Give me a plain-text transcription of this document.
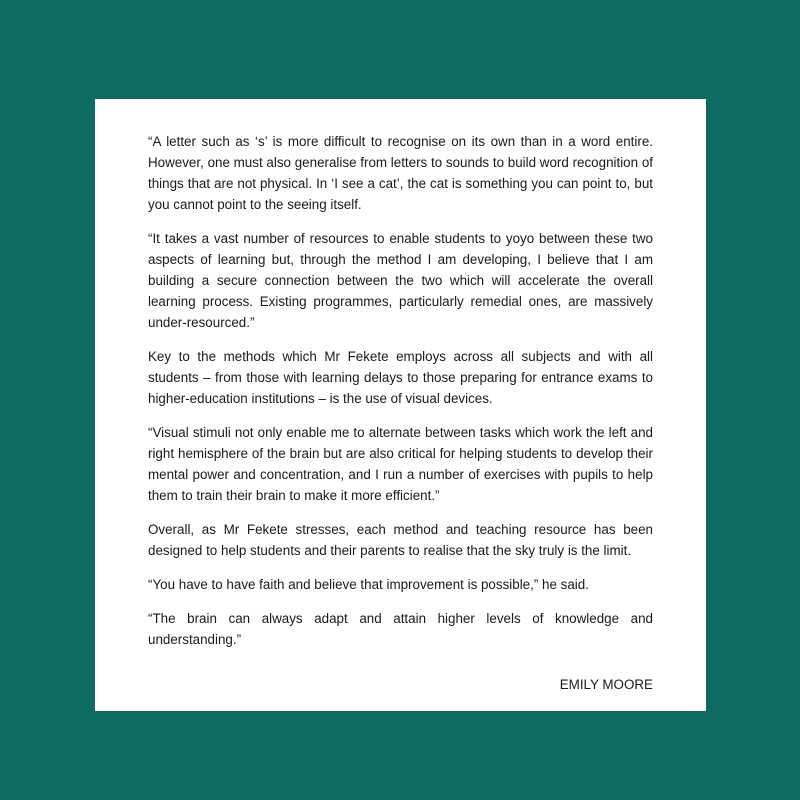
“A letter such as ‘s’ is more difficult to recognise on its own than in a word entire. However, one must also generalise from letters to sounds to build word recognition of things that are not physical. In ‘I see a cat’, the cat is something you can point to, but you cannot point to the seeing itself.

“It takes a vast number of resources to enable students to yoyo between these two aspects of learning but, through the method I am developing, I believe that I am building a secure connection between the two which will accelerate the overall learning process. Existing programmes, particularly remedial ones, are massively under-resourced.”

Key to the methods which Mr Fekete employs across all subjects and with all students – from those with learning delays to those preparing for entrance exams to higher-education institutions – is the use of visual devices.

“Visual stimuli not only enable me to alternate between tasks which work the left and right hemisphere of the brain but are also critical for helping students to develop their mental power and concentration, and I run a number of exercises with pupils to help them to train their brain to make it more efficient.”

Overall, as Mr Fekete stresses, each method and teaching resource has been designed to help students and their parents to realise that the sky truly is the limit.

“You have to have faith and believe that improvement is possible,” he said.

“The brain can always adapt and attain higher levels of knowledge and understanding.”

EMILY MOORE
